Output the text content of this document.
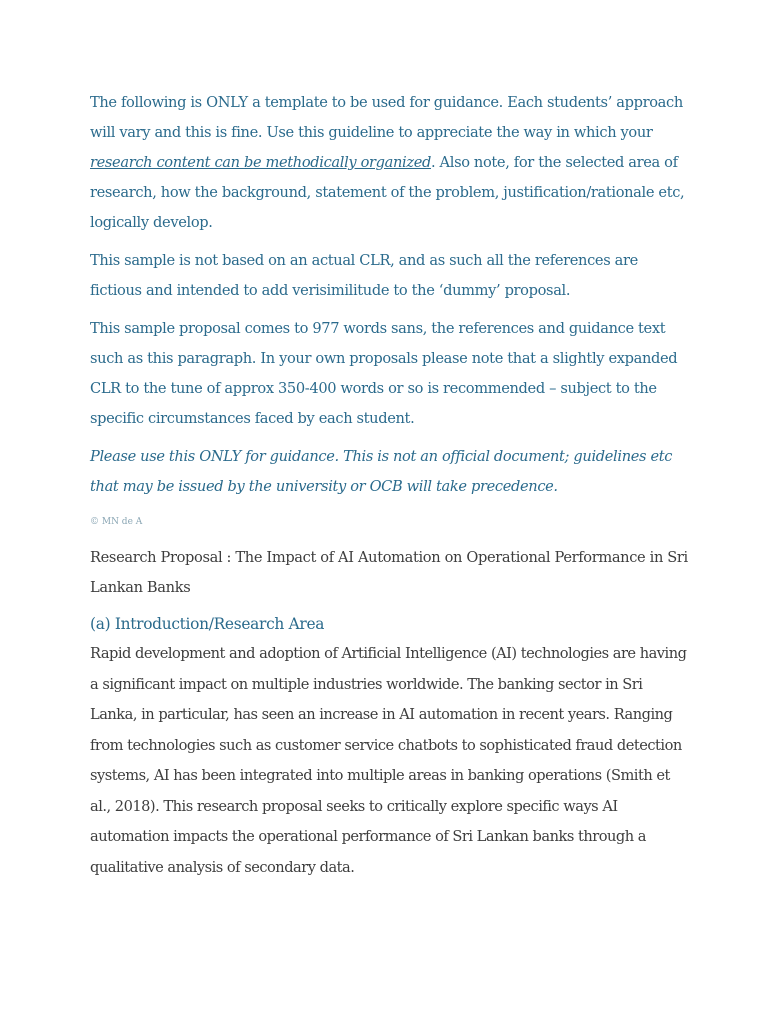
The following is ONLY a template to be used for guidance. Each students’ approach will vary and this is fine. Use this guideline to appreciate the way in which your research content can be methodically organized. Also note, for the selected area of research, how the background, statement of the problem, justification/rationale etc, logically develop.

This sample is not based on an actual CLR, and as such all the references are fictious and intended to add verisimilitude to the ‘dummy’ proposal.

This sample proposal comes to 977 words sans, the references and guidance text such as this paragraph. In your own proposals please note that a slightly expanded CLR to the tune of approx 350-400 words or so is recommended – subject to the specific circumstances faced by each student.

Please use this ONLY for guidance. This is not an official document; guidelines etc that may be issued by the university or OCB will take precedence.

© MN de A

Research Proposal : The Impact of AI Automation on Operational Performance in Sri Lankan Banks

(a) Introduction/Research Area

Rapid development and adoption of Artificial Intelligence (AI) technologies are having a significant impact on multiple industries worldwide. The banking sector in Sri Lanka, in particular, has seen an increase in AI automation in recent years. Ranging from technologies such as customer service chatbots to sophisticated fraud detection systems, AI has been integrated into multiple areas in banking operations (Smith et al., 2018). This research proposal seeks to critically explore specific ways AI automation impacts the operational performance of Sri Lankan banks through a qualitative analysis of secondary data.
